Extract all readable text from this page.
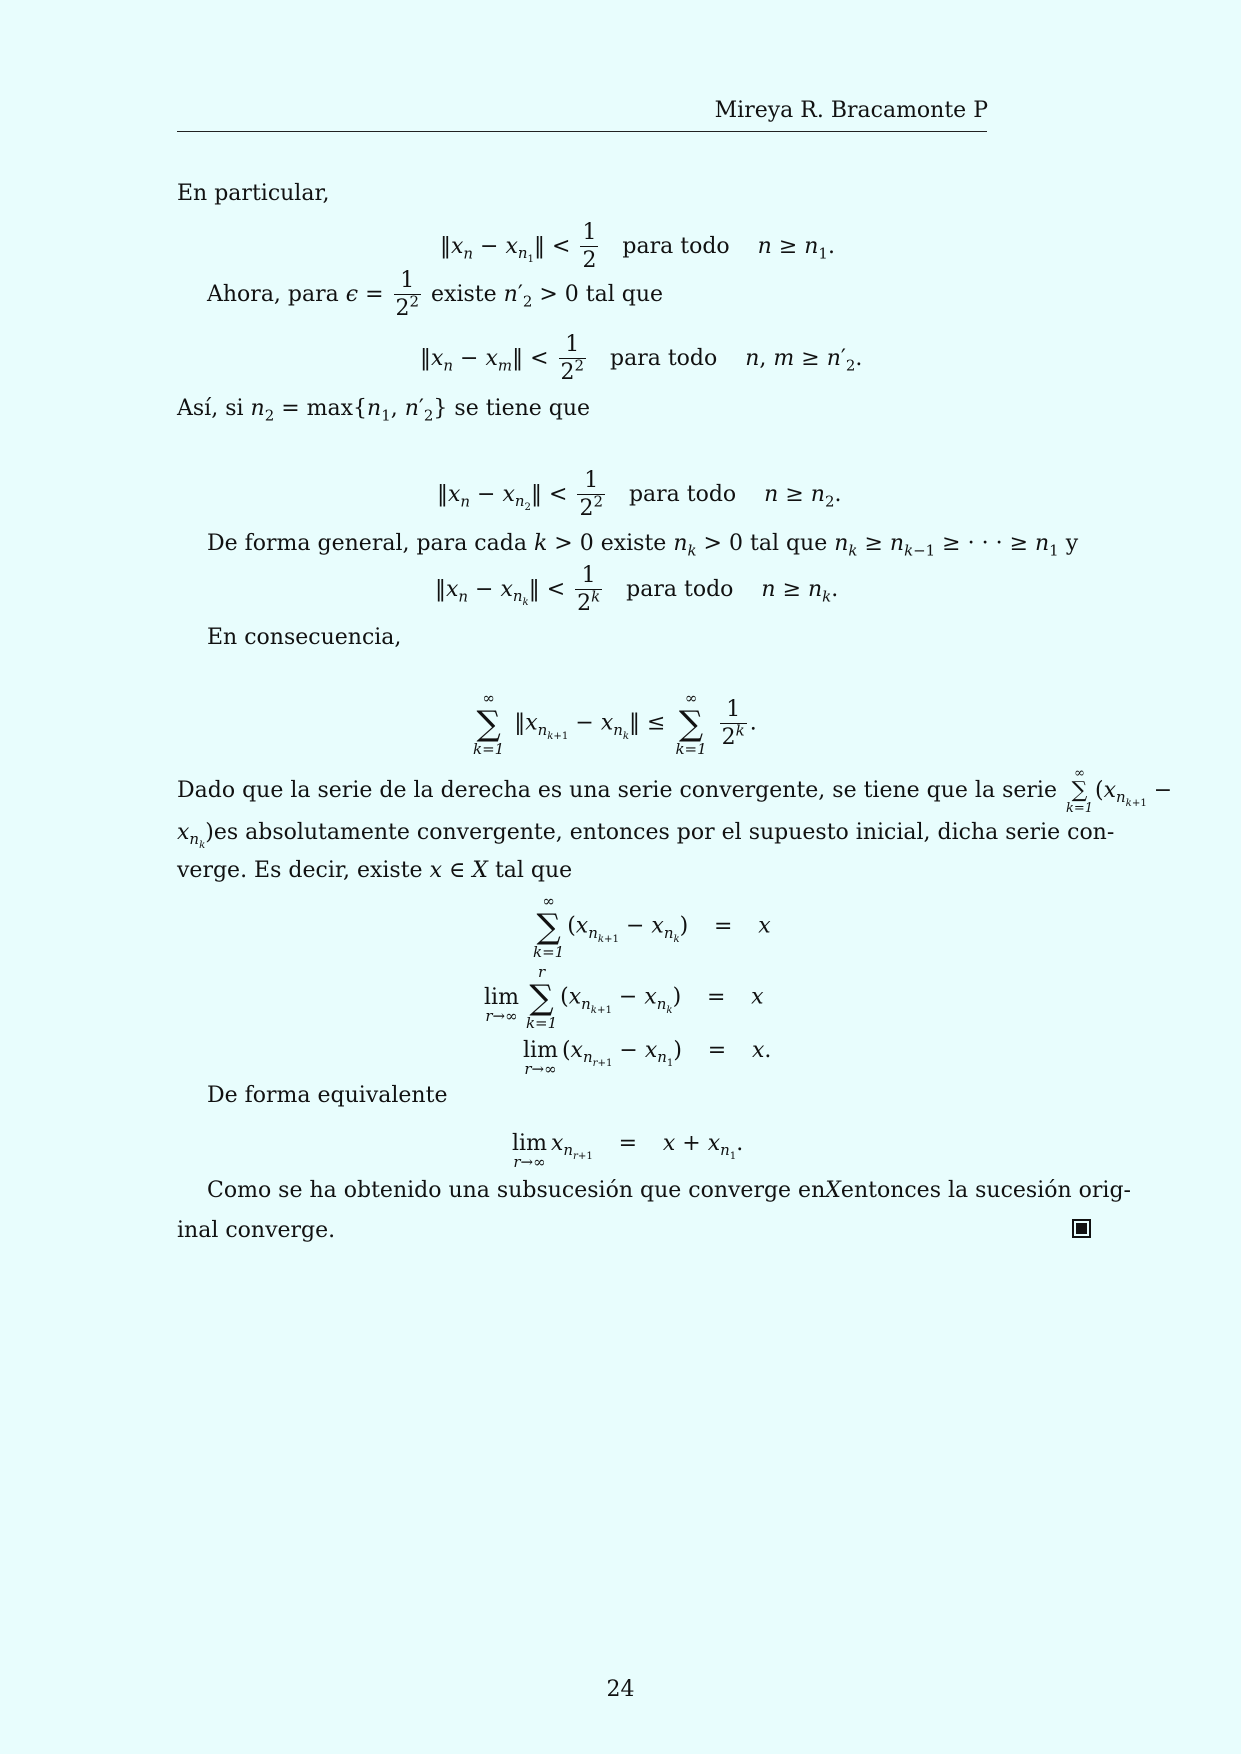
Mireya R. Bracamonte P
En particular,
$‖x_n$ − $x_{n_1}‖ < \frac{1}{2}$ para todo $n \ge n_1$.
Ahora, para $\epsilon = \frac{1}{2^2}$ existe $n'_2 > 0$ tal que
$‖x_n$ − $x_m‖ < \frac{1}{2^2}$ para todo n, $m \ge n'_2$.
Así, si $n_2 = \max\{n_1$, $n'_2$} se tiene que
$‖x_n$ − $x_{n_2}‖ < \frac{1}{2^2}$ para todo $n \ge n_2$.
De forma general, para cada k > 0 existe $n_k > 0$ tal que $n_k \ge n_{k-1}$ ≥ · · · ≥ $n_1$ y
$‖x_n$ − $x_{n_k}‖ < \frac{1}{2^k}$ para todo $n \ge n_k$.
En consecuencia,
∞
∑
k=1
$‖x_{n_{k+1}}$ − $x_{n_k}‖$ ≤
∞
∑
k=1
$\frac{1}{2^k}$ .
Dado que la serie de la derecha es una serie convergente, se tiene que la serie
∞
∑
k=1
($x_{n_{k+1}}$ −
$x_{n_k}$) es absolutamente convergente, entonces por el supuesto inicial, dicha serie con-
verge. Es decir, existe x ∈ X tal que
∞
∑
k=1
$(x_{n_{k+1}} - x_{n_k}) = x$
lim
r→∞
r
∑
k=1
$(x_{n_{k+1}} - x_{n_k}) = x$
lim
r→∞
$(x_{n_{r+1}} - x_{n_1}) = x$.
De forma equivalente
lim
r→∞
$x_{n_{r+1}}= x + x_{n_1}$.
Como se ha obtenido una subsucesión que converge en X entonces la sucesión orig-
inal converge.
24
